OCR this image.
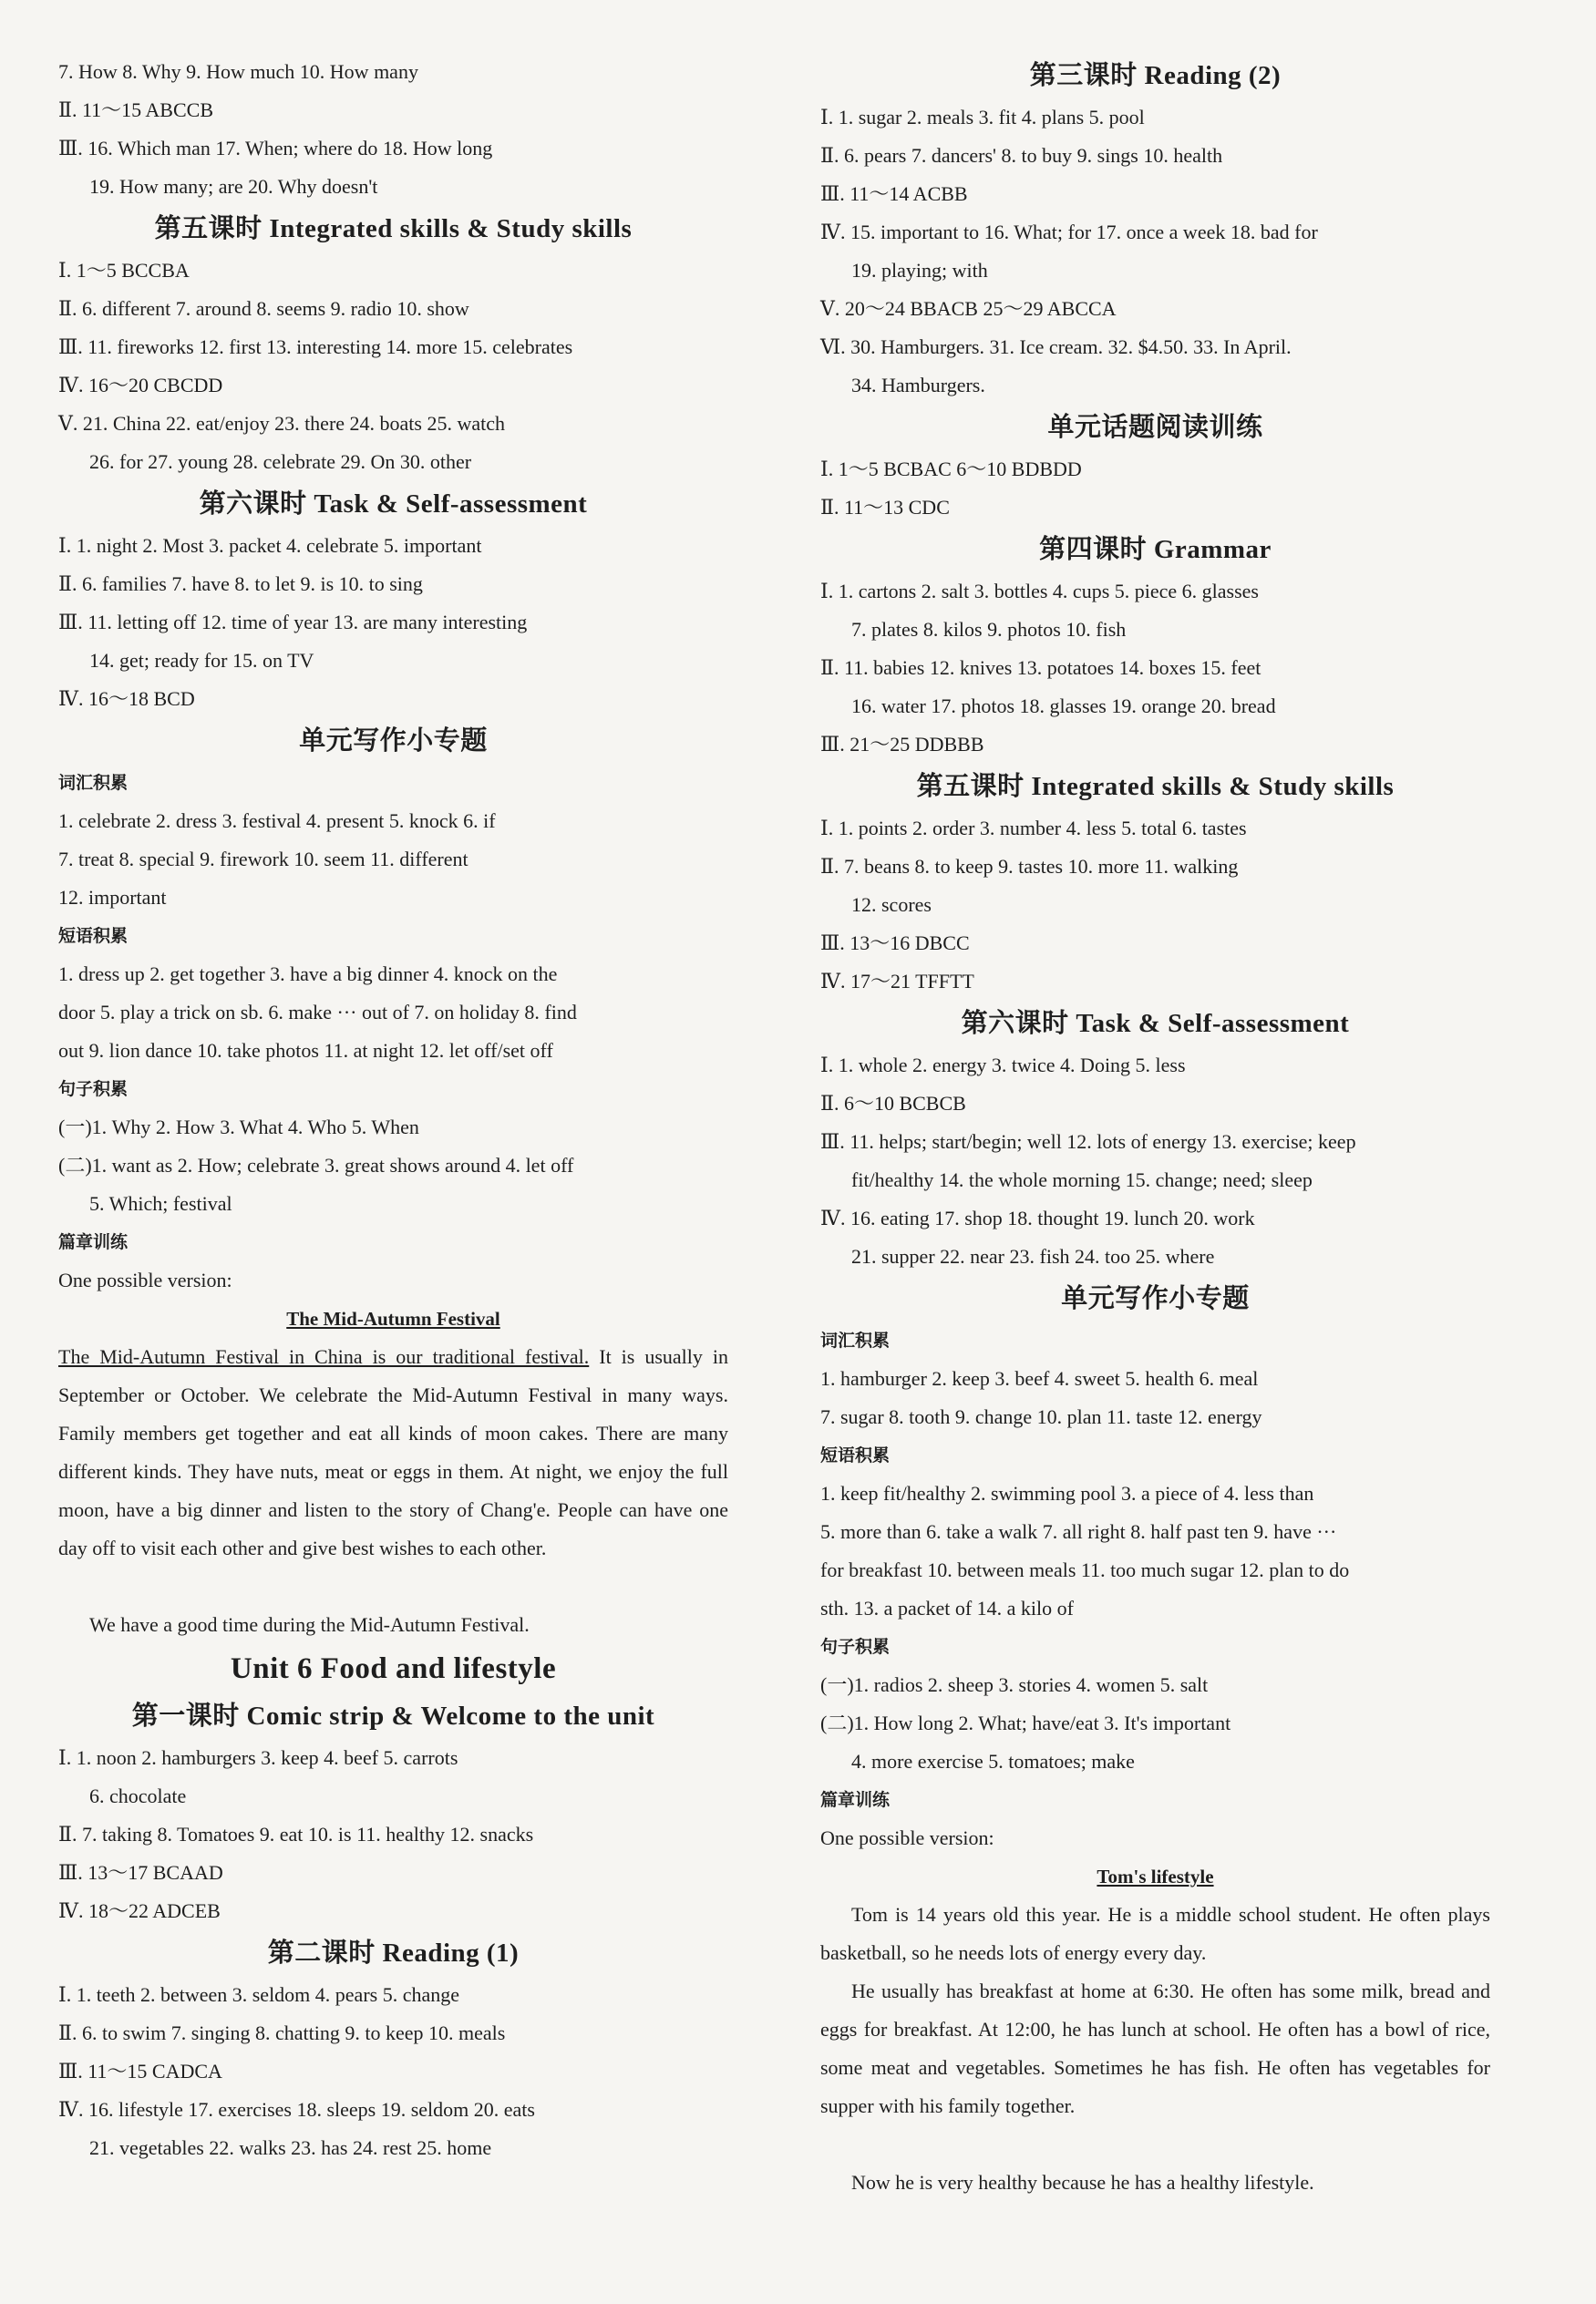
7. How 8. Why 9. How much 10. How many
Ⅱ. 11～15 ABCCB
Ⅲ. 16. Which man 17. When; where do 18. How long
19. How many; are 20. Why doesn't
第五课时 Integrated skills & Study skills
Ⅰ. 1～5 BCCBA
Ⅱ. 6. different 7. around 8. seems 9. radio 10. show
Ⅲ. 11. fireworks 12. first 13. interesting 14. more 15. celebrates
Ⅳ. 16～20 CBCDD
Ⅴ. 21. China 22. eat/enjoy 23. there 24. boats 25. watch
26. for 27. young 28. celebrate 29. On 30. other
第六课时 Task & Self-assessment
Ⅰ. 1. night 2. Most 3. packet 4. celebrate 5. important
Ⅱ. 6. families 7. have 8. to let 9. is 10. to sing
Ⅲ. 11. letting off 12. time of year 13. are many interesting
14. get; ready for 15. on TV
Ⅳ. 16～18 BCD
单元写作小专题
词汇积累
1. celebrate 2. dress 3. festival 4. present 5. knock 6. if
7. treat 8. special 9. firework 10. seem 11. different
12. important
短语积累
1. dress up 2. get together 3. have a big dinner 4. knock on the
door 5. play a trick on sb. 6. make ··· out of 7. on holiday 8. find
out 9. lion dance 10. take photos 11. at night 12. let off/set off
句子积累
(一)1. Why 2. How 3. What 4. Who 5. When
(二)1. want as 2. How; celebrate 3. great shows around 4. let off
5. Which; festival
篇章训练
One possible version:
The Mid-Autumn Festival

The Mid-Autumn Festival in China is our traditional festival. It is usually in September or October. We celebrate the Mid-Autumn Festival in many ways. Family members get together and eat all kinds of moon cakes. There are many different kinds. They have nuts, meat or eggs in them. At night, we enjoy the full moon, have a big dinner and listen to the story of Chang'e. People can have one day off to visit each other and give best wishes to each other.

We have a good time during the Mid-Autumn Festival.

Unit 6 Food and lifestyle
第一课时 Comic strip & Welcome to the unit
Ⅰ. 1. noon 2. hamburgers 3. keep 4. beef 5. carrots
6. chocolate
Ⅱ. 7. taking 8. Tomatoes 9. eat 10. is 11. healthy 12. snacks
Ⅲ. 13～17 BCAAD
Ⅳ. 18～22 ADCEB
第二课时 Reading (1)
Ⅰ. 1. teeth 2. between 3. seldom 4. pears 5. change
Ⅱ. 6. to swim 7. singing 8. chatting 9. to keep 10. meals
Ⅲ. 11～15 CADCA
Ⅳ. 16. lifestyle 17. exercises 18. sleeps 19. seldom 20. eats
21. vegetables 22. walks 23. has 24. rest 25. home
第三课时 Reading (2)
Ⅰ. 1. sugar 2. meals 3. fit 4. plans 5. pool
Ⅱ. 6. pears 7. dancers' 8. to buy 9. sings 10. health
Ⅲ. 11～14 ACBB
Ⅳ. 15. important to 16. What; for 17. once a week 18. bad for
19. playing; with
Ⅴ. 20～24 BBACB 25～29 ABCCA
Ⅵ. 30. Hamburgers. 31. Ice cream. 32. $4.50. 33. In April.
34. Hamburgers.
单元话题阅读训练
Ⅰ. 1～5 BCBAC 6～10 BDBDD
Ⅱ. 11～13 CDC
第四课时 Grammar
Ⅰ. 1. cartons 2. salt 3. bottles 4. cups 5. piece 6. glasses
7. plates 8. kilos 9. photos 10. fish
Ⅱ. 11. babies 12. knives 13. potatoes 14. boxes 15. feet
16. water 17. photos 18. glasses 19. orange 20. bread
Ⅲ. 21～25 DDBBB
第五课时 Integrated skills & Study skills
Ⅰ. 1. points 2. order 3. number 4. less 5. total 6. tastes
Ⅱ. 7. beans 8. to keep 9. tastes 10. more 11. walking
12. scores
Ⅲ. 13～16 DBCC
Ⅳ. 17～21 TFFTT
第六课时 Task & Self-assessment
Ⅰ. 1. whole 2. energy 3. twice 4. Doing 5. less
Ⅱ. 6～10 BCBCB
Ⅲ. 11. helps; start/begin; well 12. lots of energy 13. exercise; keep
fit/healthy 14. the whole morning 15. change; need; sleep
Ⅳ. 16. eating 17. shop 18. thought 19. lunch 20. work
21. supper 22. near 23. fish 24. too 25. where
单元写作小专题
词汇积累
1. hamburger 2. keep 3. beef 4. sweet 5. health 6. meal
7. sugar 8. tooth 9. change 10. plan 11. taste 12. energy
短语积累
1. keep fit/healthy 2. swimming pool 3. a piece of 4. less than
5. more than 6. take a walk 7. all right 8. half past ten 9. have ···
for breakfast 10. between meals 11. too much sugar 12. plan to do
sth. 13. a packet of 14. a kilo of
句子积累
(一)1. radios 2. sheep 3. stories 4. women 5. salt
(二)1. How long 2. What; have/eat 3. It's important
4. more exercise 5. tomatoes; make
篇章训练
One possible version:
Tom's lifestyle

Tom is 14 years old this year. He is a middle school student. He often plays basketball, so he needs lots of energy every day.

He usually has breakfast at home at 6:30. He often has some milk, bread and eggs for breakfast. At 12:00, he has lunch at school. He often has a bowl of rice, some meat and vegetables. Sometimes he has fish. He often has vegetables for supper with his family together.

Now he is very healthy because he has a healthy lifestyle.
